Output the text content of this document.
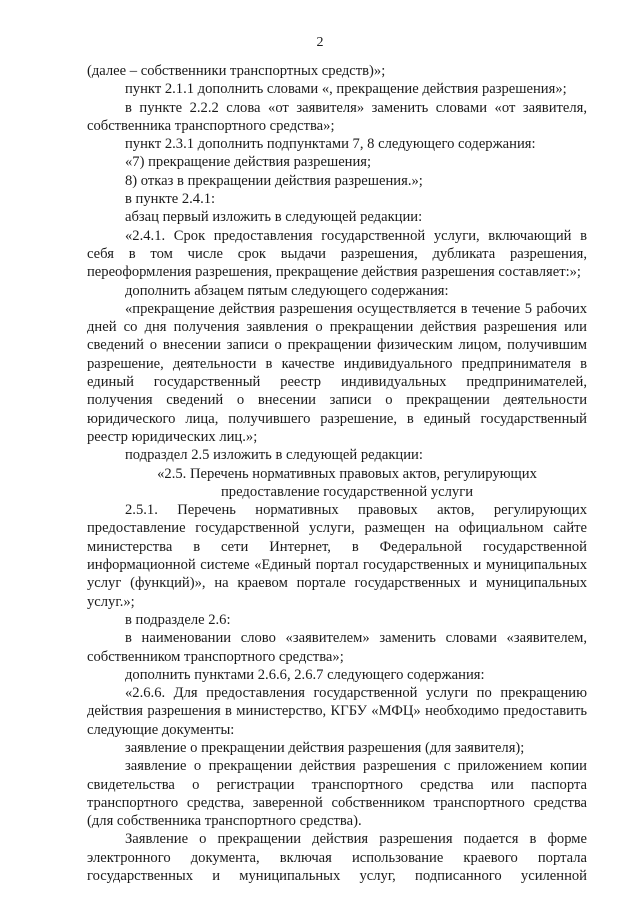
2

(далее – собственники транспортных средств)»;

пункт 2.1.1 дополнить словами «, прекращение действия разрешения»;

в пункте 2.2.2 слова «от заявителя» заменить словами «от заявителя, собственника транспортного средства»;

пункт 2.3.1 дополнить подпунктами 7, 8 следующего содержания:

«7) прекращение действия разрешения;

8) отказ в прекращении действия разрешения.»;

в пункте 2.4.1:

абзац первый изложить в следующей редакции:

«2.4.1. Срок предоставления государственной услуги, включающий в себя в том числе срок выдачи разрешения, дубликата разрешения, переоформления разрешения, прекращение действия разрешения составляет:»;

дополнить абзацем пятым следующего содержания:

«прекращение действия разрешения осуществляется в течение 5 рабочих дней со дня получения заявления о прекращении действия разрешения или сведений о внесении записи о прекращении физическим лицом, получившим разрешение, деятельности в качестве индивидуального предпринимателя в единый государственный реестр индивидуальных предпринимателей, получения сведений о внесении записи о прекращении деятельности юридического лица, получившего разрешение, в единый государственный реестр юридических лиц.»;

подраздел 2.5 изложить в следующей редакции:

«2.5. Перечень нормативных правовых актов, регулирующих

предоставление государственной услуги

2.5.1. Перечень нормативных правовых актов, регулирующих предоставление государственной услуги, размещен на официальном сайте министерства в сети Интернет, в Федеральной государственной информационной системе «Единый портал государственных и муниципальных услуг (функций)», на краевом портале государственных и муниципальных услуг.»;

в подразделе 2.6:

в наименовании слово «заявителем» заменить словами «заявителем, собственником транспортного средства»;

дополнить пунктами 2.6.6, 2.6.7 следующего содержания:

«2.6.6. Для предоставления государственной услуги по прекращению действия разрешения в министерство, КГБУ «МФЦ» необходимо предоставить следующие документы:

заявление о прекращении действия разрешения (для заявителя);

заявление о прекращении действия разрешения с приложением копии свидетельства о регистрации транспортного средства или паспорта транспортного средства, заверенной собственником транспортного средства (для собственника транспортного средства).

Заявление о прекращении действия разрешения подается в форме электронного документа, включая использование краевого портала государственных и муниципальных услуг, подписанного усиленной
